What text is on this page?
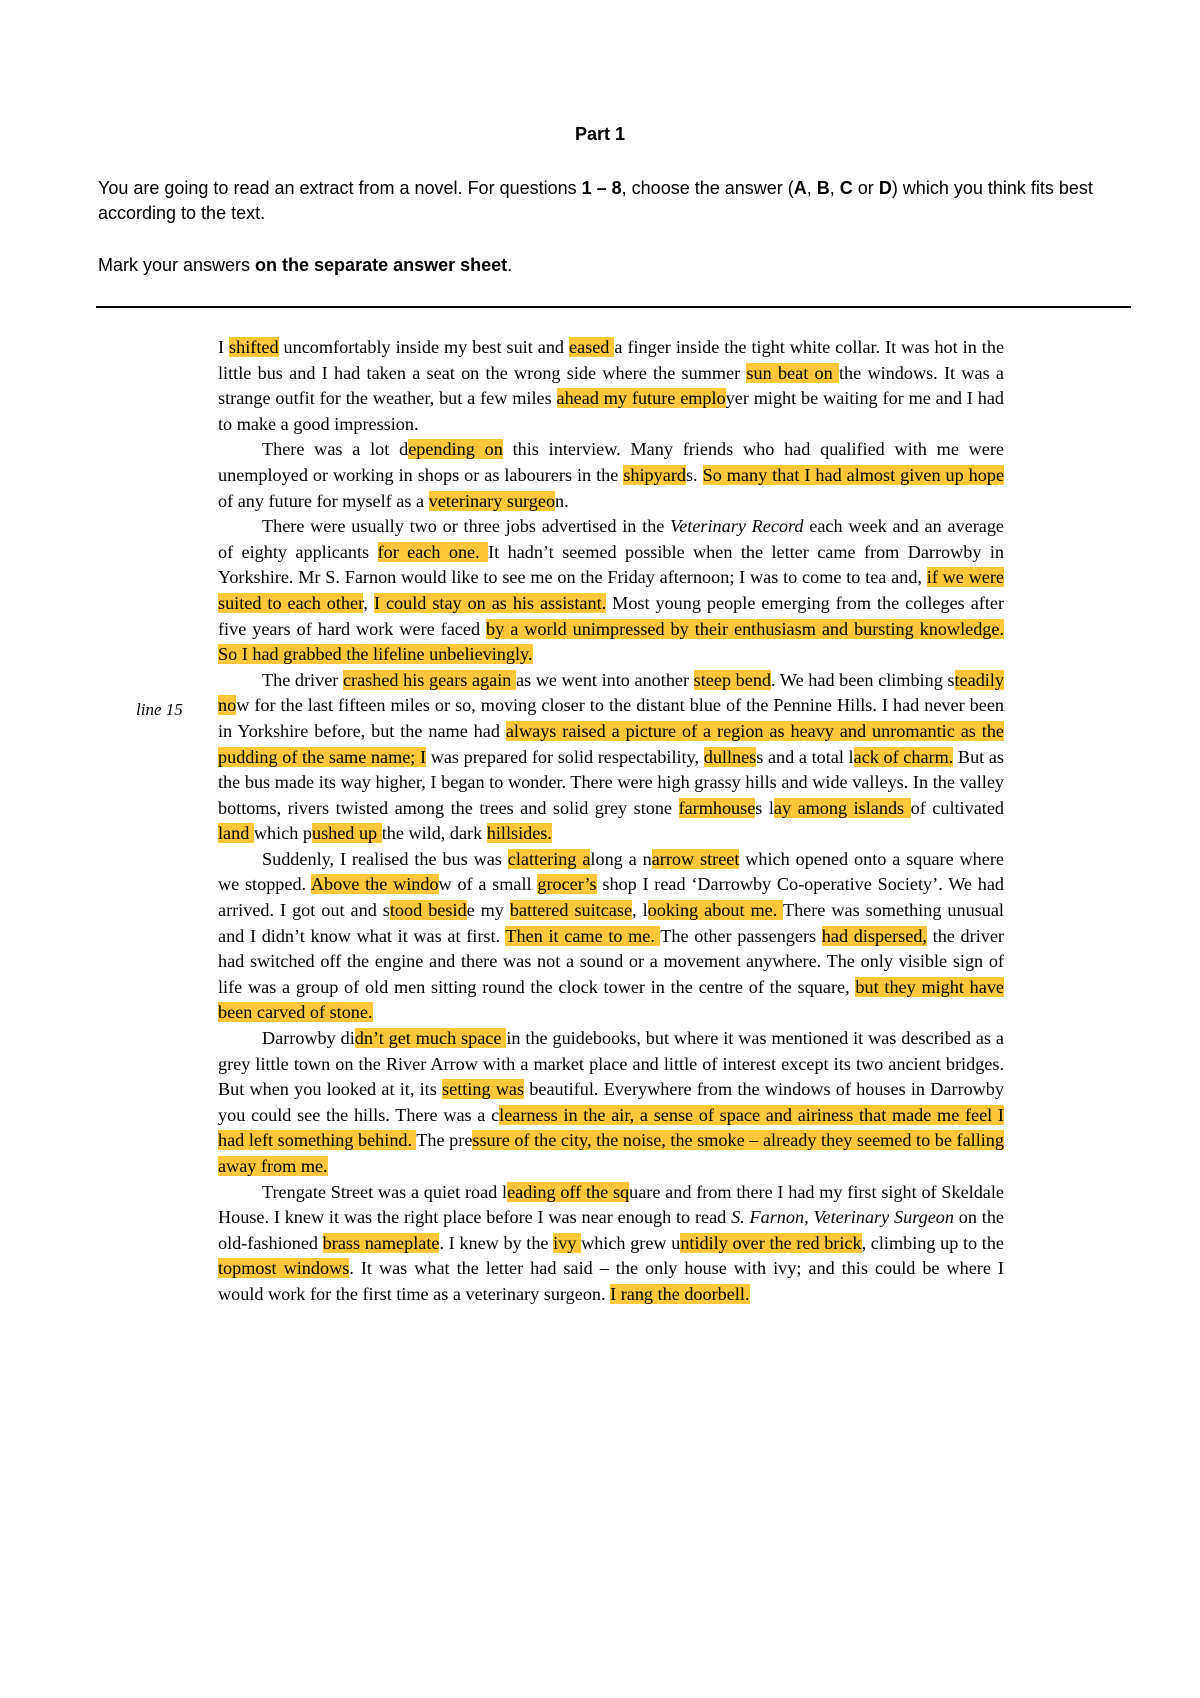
Part 1
You are going to read an extract from a novel. For questions 1 – 8, choose the answer (A, B, C or D) which you think fits best according to the text.
Mark your answers on the separate answer sheet.
line 15

I shifted uncomfortably inside my best suit and eased a finger inside the tight white collar. It was hot in the little bus and I had taken a seat on the wrong side where the summer sun beat on the windows. It was a strange outfit for the weather, but a few miles ahead my future employer might be waiting for me and I had to make a good impression.

There was a lot depending on this interview. Many friends who had qualified with me were unemployed or working in shops or as labourers in the shipyards. So many that I had almost given up hope of any future for myself as a veterinary surgeon.

There were usually two or three jobs advertised in the Veterinary Record each week and an average of eighty applicants for each one. It hadn’t seemed possible when the letter came from Darrowby in Yorkshire. Mr S. Farnon would like to see me on the Friday afternoon; I was to come to tea and, if we were suited to each other, I could stay on as his assistant. Most young people emerging from the colleges after five years of hard work were faced by a world unimpressed by their enthusiasm and bursting knowledge. So I had grabbed the lifeline unbelievingly.

The driver crashed his gears again as we went into another steep bend. We had been climbing steadily now for the last fifteen miles or so, moving closer to the distant blue of the Pennine Hills. I had never been in Yorkshire before, but the name had always raised a picture of a region as heavy and unromantic as the pudding of the same name; I was prepared for solid respectability, dullness and a total lack of charm. But as the bus made its way higher, I began to wonder. There were high grassy hills and wide valleys. In the valley bottoms, rivers twisted among the trees and solid grey stone farmhouses lay among islands of cultivated land which pushed up the wild, dark hillsides.

Suddenly, I realised the bus was clattering along a narrow street which opened onto a square where we stopped. Above the window of a small grocer’s shop I read ‘Darrowby Co-operative Society’. We had arrived. I got out and stood beside my battered suitcase, looking about me. There was something unusual and I didn’t know what it was at first. Then it came to me. The other passengers had dispersed, the driver had switched off the engine and there was not a sound or a movement anywhere. The only visible sign of life was a group of old men sitting round the clock tower in the centre of the square, but they might have been carved of stone.

Darrowby didn’t get much space in the guidebooks, but where it was mentioned it was described as a grey little town on the River Arrow with a market place and little of interest except its two ancient bridges. But when you looked at it, its setting was beautiful. Everywhere from the windows of houses in Darrowby you could see the hills. There was a clearness in the air, a sense of space and airiness that made me feel I had left something behind. The pressure of the city, the noise, the smoke – already they seemed to be falling away from me.

Trengate Street was a quiet road leading off the square and from there I had my first sight of Skeldale House. I knew it was the right place before I was near enough to read S. Farnon, Veterinary Surgeon on the old-fashioned brass nameplate. I knew by the ivy which grew untidily over the red brick, climbing up to the topmost windows. It was what the letter had said – the only house with ivy; and this could be where I would work for the first time as a veterinary surgeon. I rang the doorbell.
